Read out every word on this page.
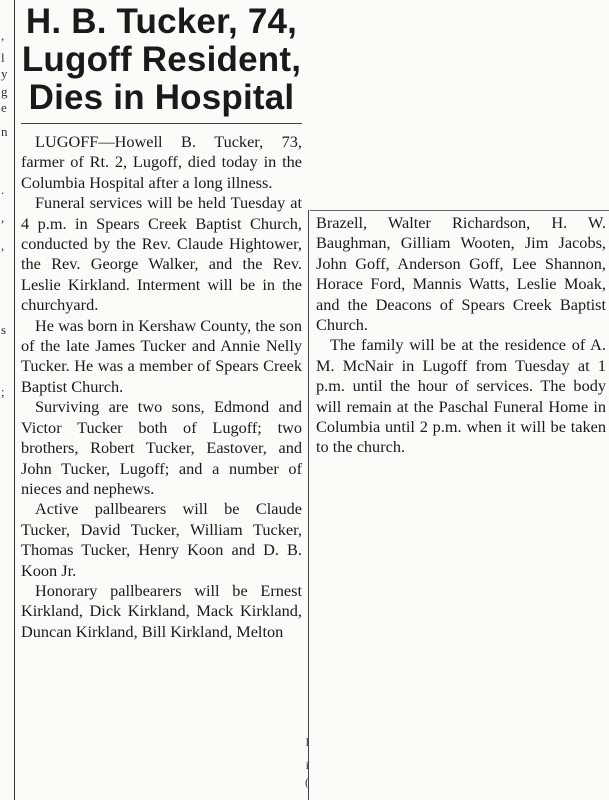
,
l
y
g
e
n
.
,
,
s
;
H. B. Tucker, 74,
Lugoff Resident,
Dies in Hospital

LUGOFF—Howell B. Tucker, 73, farmer of Rt. 2, Lugoff, died today in the Columbia Hospital after a long illness.

Funeral services will be held Tuesday at 4 p.m. in Spears Creek Baptist Church, conducted by the Rev. Claude Hightower, the Rev. George Walker, and the Rev. Leslie Kirkland. Interment will be in the churchyard.

He was born in Kershaw County, the son of the late James Tucker and Annie Nelly Tucker. He was a member of Spears Creek Baptist Church.

Surviving are two sons, Edmond and Victor Tucker both of Lugoff; two brothers, Robert Tucker, Eastover, and John Tucker, Lugoff; and a number of nieces and nephews.

Active pallbearers will be Claude Tucker, David Tucker, William Tucker, Thomas Tucker, Henry Koon and D. B. Koon Jr.

Honorary pallbearers will be Ernest Kirkland, Dick Kirkland, Mack Kirkland, Duncan Kirkland, Bill Kirkland, Melton

Brazell, Walter Richardson, H. W. Baughman, Gilliam Wooten, Jim Jacobs, John Goff, Anderson Goff, Lee Shannon, Horace Ford, Mannis Watts, Leslie Moak, and the Deacons of Spears Creek Baptist Church.

The family will be at the residence of A. M. McNair in Lugoff from Tuesday at 1 p.m. until the hour of services. The body will remain at the Paschal Funeral Home in Columbia until 2 p.m. when it will be taken to the church.

l
i
(
